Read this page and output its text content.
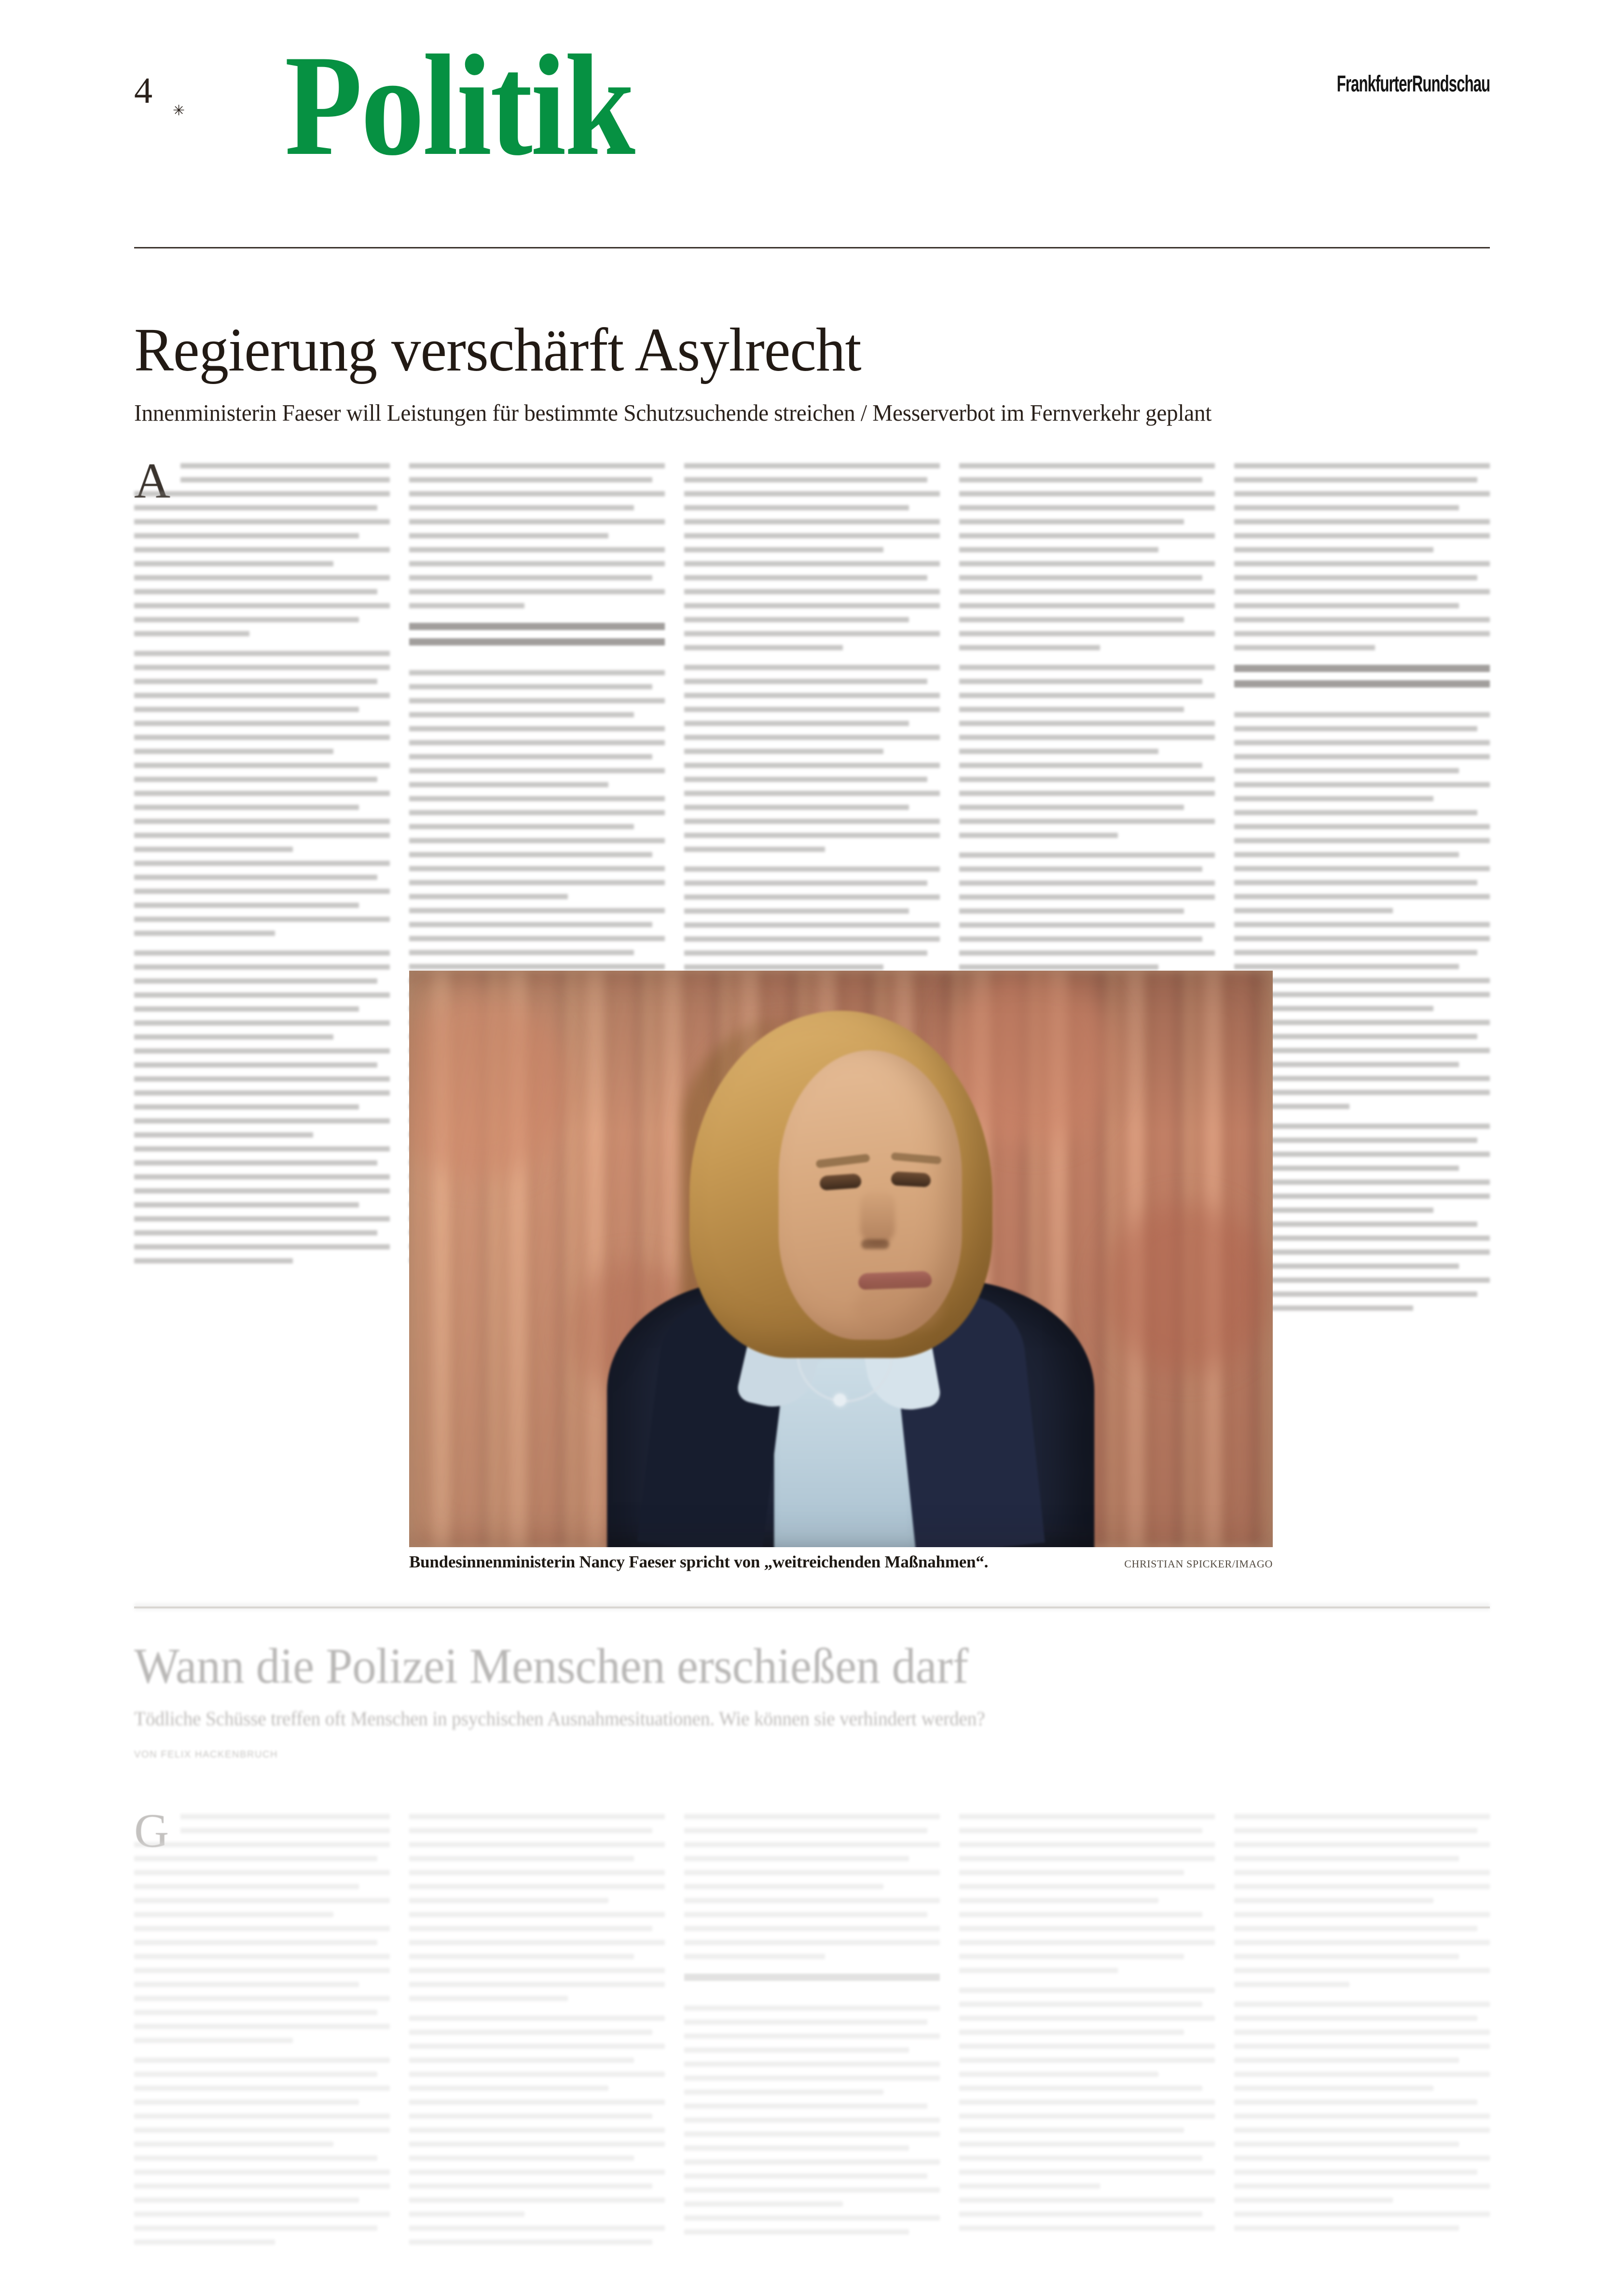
4 ✳ Politik	FrankfurterRundschau
Regierung verschärft Asylrecht
Innenministerin Faeser will Leistungen für bestimmte Schutzsuchende streichen / Messerverbot im Fernverkehr geplant
A
Bundesinnenministerin Nancy Faeser spricht von „weitreichenden Maßnahmen“.	CHRISTIAN SPICKER/IMAGO
Wann die Polizei Menschen erschießen darf
Tödliche Schüsse treffen oft Menschen in psychischen Ausnahmesituationen. Wie können sie verhindert werden?
VON FELIX HACKENBRUCH
G
